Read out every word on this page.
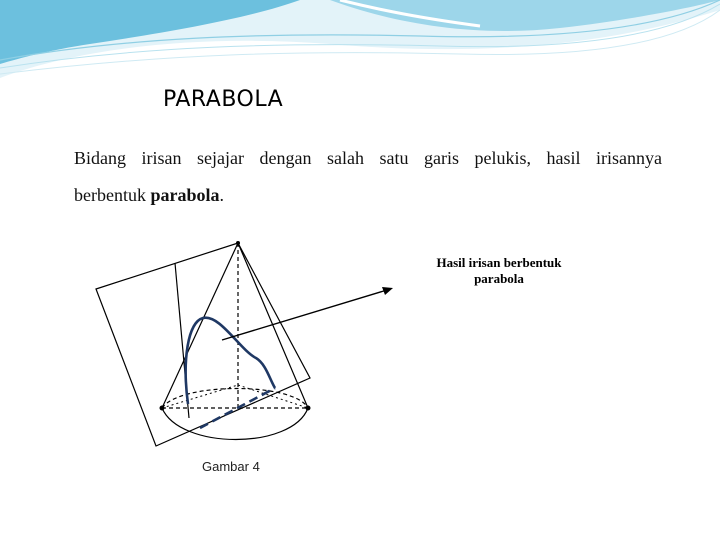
PARABOLA
Bidang irisan sejajar dengan salah satu garis pelukis, hasil irisannya
berbentuk parabola.
Hasil irisan berbentuk parabola
Gambar 4
